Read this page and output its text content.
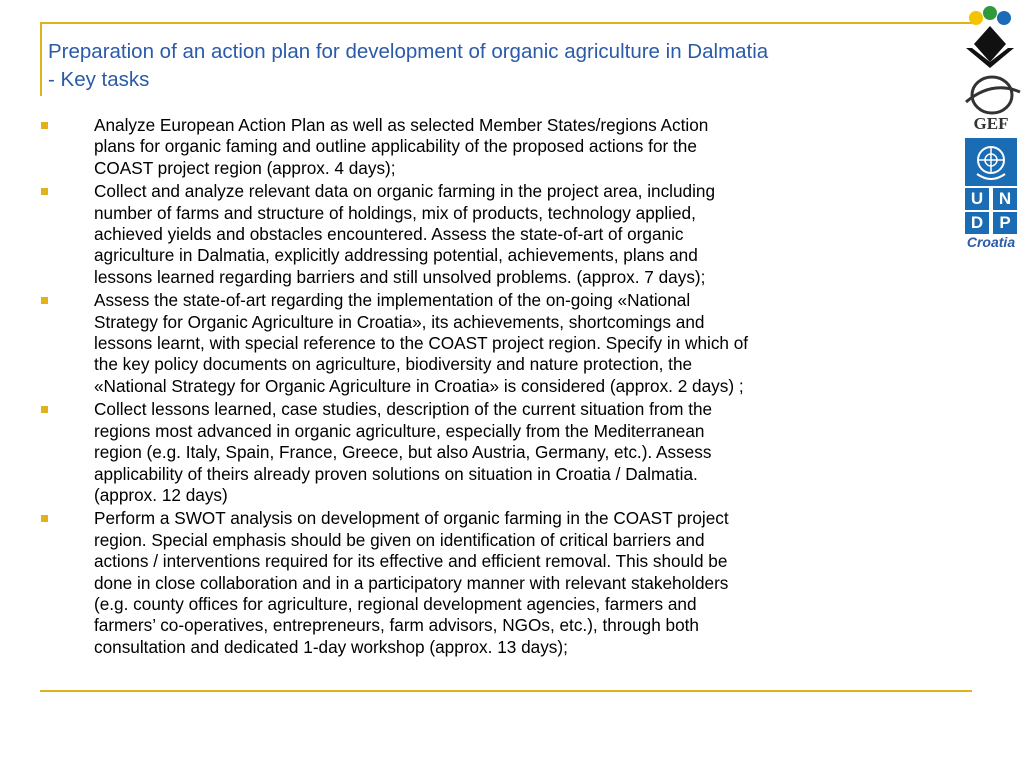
Preparation of an action plan for development of organic agriculture in Dalmatia
- Key tasks
Analyze European Action Plan as well as selected Member States/regions Action
plans for organic faming and outline applicability of the proposed actions for the
COAST project region (approx. 4 days);
Collect and analyze relevant data on organic farming in the project area, including
number of farms and structure of holdings, mix of products, technology applied,
achieved yields and obstacles encountered. Assess the state-of-art of organic
agriculture in Dalmatia, explicitly addressing potential, achievements, plans and
lessons learned regarding barriers and still unsolved problems. (approx. 7 days);
Assess the state-of-art regarding the implementation of the on-going «National
Strategy for Organic Agriculture in Croatia», its achievements, shortcomings and
lessons learnt, with special reference to the COAST project region. Specify in which of
the key policy documents on agriculture, biodiversity and nature protection, the
«National Strategy for Organic Agriculture in Croatia» is considered (approx. 2 days) ;
Collect lessons learned, case studies, description of the current situation from the
regions most advanced in organic agriculture, especially from the Mediterranean
region (e.g. Italy, Spain, France, Greece, but also Austria, Germany, etc.). Assess
applicability of theirs already proven solutions on situation in Croatia / Dalmatia.
(approx. 12 days)
Perform a SWOT analysis on development of organic farming in the COAST project
region. Special emphasis should be given on identification of critical barriers and
actions / interventions required for its effective and efficient removal. This should be
done in close collaboration and in a participatory manner with relevant stakeholders
(e.g. county offices for agriculture, regional development agencies, farmers and
farmers’ co-operatives, entrepreneurs, farm advisors, NGOs, etc.), through both
consultation and dedicated 1-day workshop (approx. 13 days);
GEF
U N
D P
Croatia
